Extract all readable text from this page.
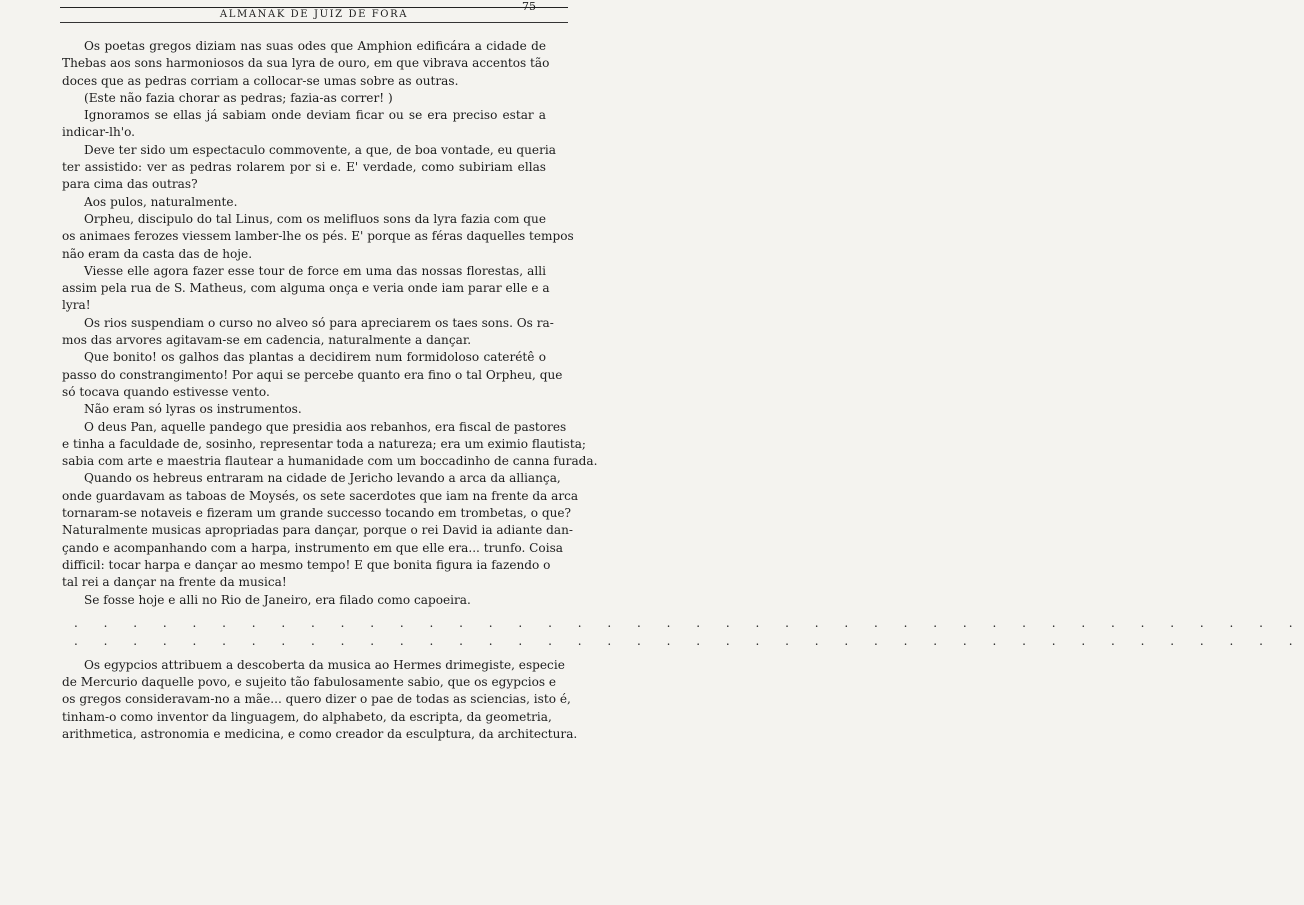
ALMANAK DE JUIZ DE FORA
75
Os poetas gregos diziam nas suas odes que Amphion edificára a cidade de
Thebas aos sons harmoniosos da sua lyra de ouro, em que vibrava accentos tão
doces que as pedras corriam a collocar-se umas sobre as outras.
(Este não fazia chorar as pedras; fazia-as correr! )
Ignoramos se ellas já sabiam onde deviam ficar ou se era preciso estar a
indicar-lh'o.
Deve ter sido um espectaculo commovente, a que, de boa vontade, eu queria
ter assistido: ver as pedras rolarem por si e. E' verdade, como subiriam ellas
para cima das outras?
Aos pulos, naturalmente.
Orpheu, discipulo do tal Linus, com os melifluos sons da lyra fazia com que
os animaes ferozes viessem lamber-lhe os pés. E' porque as féras daquelles tempos
não eram da casta das de hoje.
Viesse elle agora fazer esse tour de force em uma das nossas florestas, alli
assim pela rua de S. Matheus, com alguma onça e veria onde iam parar elle e a
lyra!
Os rios suspendiam o curso no alveo só para apreciarem os taes sons. Os ra-
mos das arvores agitavam-se em cadencia, naturalmente a dançar.
Que bonito! os galhos das plantas a decidirem num formidoloso caterétê o
passo do constrangimento! Por aqui se percebe quanto era fino o tal Orpheu, que
só tocava quando estivesse vento.
Não eram só lyras os instrumentos.
O deus Pan, aquelle pandego que presidia aos rebanhos, era fiscal de pastores
e tinha a faculdade de, sosinho, representar toda a natureza; era um eximio flautista;
sabia com arte e maestria flautear a humanidade com um boccadinho de canna furada.
Quando os hebreus entraram na cidade de Jericho levando a arca da alliança,
onde guardavam as taboas de Moysés, os sete sacerdotes que iam na frente da arca
tornaram-se notaveis e fizeram um grande successo tocando em trombetas, o que?
Naturalmente musicas apropriadas para dançar, porque o rei David ia adiante dan-
çando e acompanhando com a harpa, instrumento em que elle era... trunfo. Coisa
difficil: tocar harpa e dançar ao mesmo tempo! E que bonita figura ia fazendo o
tal rei a dançar na frente da musica!
Se fosse hoje e alli no Rio de Janeiro, era filado como capoeira.
. . . . . . . . . . . . . . . . . . . . . . . . . . . . . . . . . . . . . . . . . .
. . . . . . . . . . . . . . . . . . . . . . . . . . . . . . . . . . . . . . . . . .
Os egypcios attribuem a descoberta da musica ao Hermes drimegiste, especie
de Mercurio daquelle povo, e sujeito tão fabulosamente sabio, que os egypcios e
os gregos consideravam-no a mãe... quero dizer o pae de todas as sciencias, isto é,
tinham-o como inventor da linguagem, do alphabeto, da escripta, da geometria,
arithmetica, astronomia e medicina, e como creador da esculptura, da architectura.
